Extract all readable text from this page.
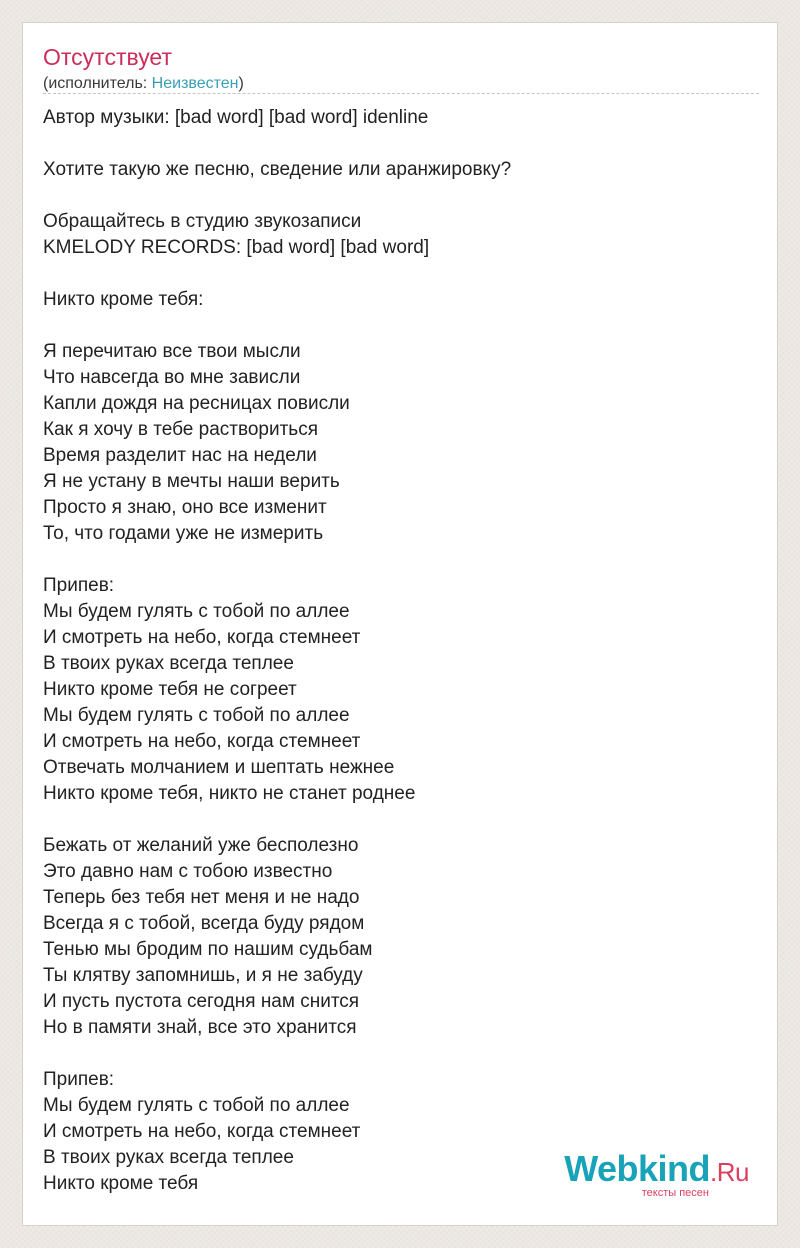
Отсутствует
(исполнитель: Неизвестен)
Автор музыки: [bad word] [bad word] idenline
Хотите такую же песню, сведение или аранжировку?
Обращайтесь в студию звукозаписи
KMELODY RECORDS: [bad word] [bad word]
Никто кроме тебя:
Я перечитаю все твои мысли
Что навсегда во мне зависли
Капли дождя на ресницах повисли
Как я хочу в тебе раствориться
Время разделит нас на недели
Я не устану в мечты наши верить
Просто я знаю, оно все изменит
То, что годами уже не измерить
Припев:
Мы будем гулять с тобой по аллее
И смотреть на небо, когда стемнеет
В твоих руках всегда теплее
Никто кроме тебя не согреет
Мы будем гулять с тобой по аллее
И смотреть на небо, когда стемнеет
Отвечать молчанием и шептать нежнее
Никто кроме тебя, никто не станет роднее
Бежать от желаний уже бесполезно
Это давно нам с тобою известно
Теперь без тебя нет меня и не надо
Всегда я с тобой, всегда буду рядом
Тенью мы бродим по нашим судьбам
Ты клятву запомнишь, и я не забуду
И пусть пустота сегодня нам снится
Но в памяти знай, все это хранится
Припев:
Мы будем гулять с тобой по аллее
И смотреть на небо, когда стемнеет
В твоих руках всегда теплее
Никто кроме тебя	Webkind.Ru
тексты песен
